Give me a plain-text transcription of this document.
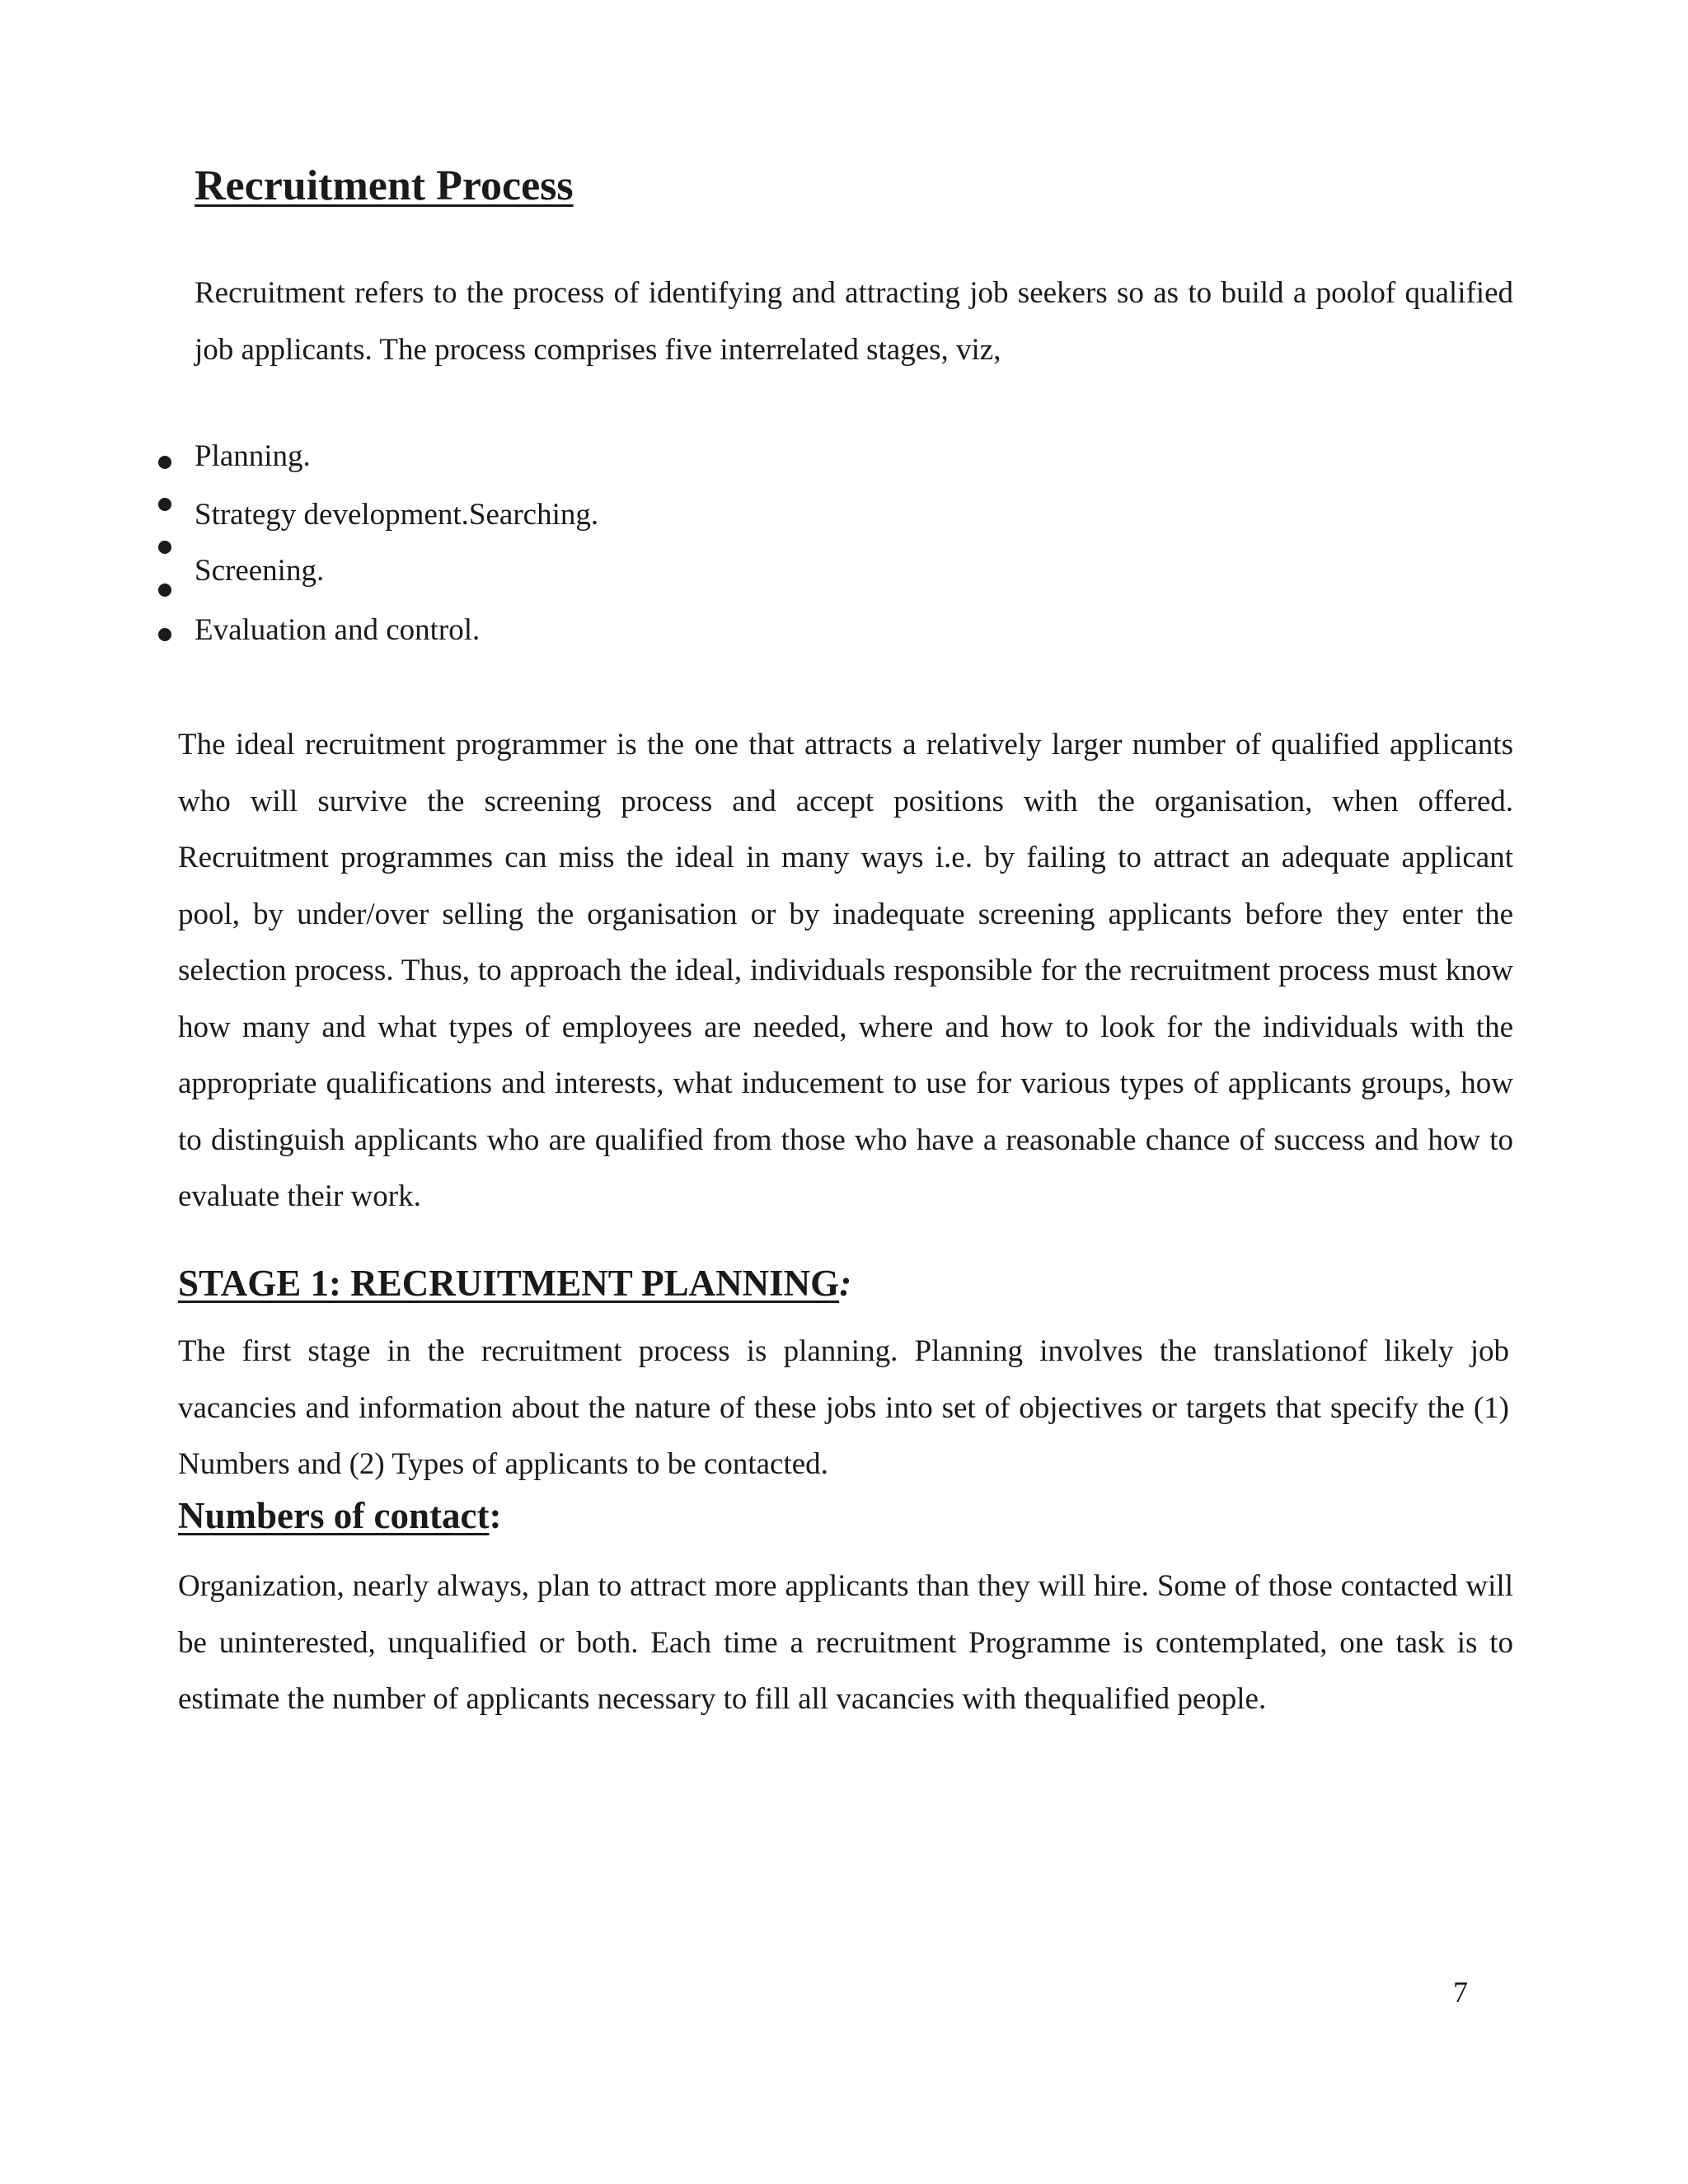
Recruitment Process

Recruitment refers to the process of identifying and attracting job seekers so as to build a poolof qualified job applicants. The process comprises five interrelated stages, viz,

Planning.
Strategy development.Searching.
Screening.
Evaluation and control.

The ideal recruitment programmer is the one that attracts a relatively larger number of qualified applicants who will survive the screening process and accept positions with the organisation, when offered. Recruitment programmes can miss the ideal in many ways i.e. by failing to attract an adequate applicant pool, by under/over selling the organisation or by inadequate screening applicants before they enter the selection process. Thus, to approach the ideal, individuals responsible for the recruitment process must know how many and what types of employees are needed, where and how to look for the individuals with the appropriate qualifications and interests, what inducement to use for various types of applicants groups, how to distinguish applicants who are qualified from those who have a reasonable chance of success and how to evaluate their work.

STAGE 1: RECRUITMENT PLANNING:

The first stage in the recruitment process is planning. Planning involves the translationof likely job vacancies and information about the nature of these jobs into set of objectives or targets that specify the (1) Numbers and (2) Types of applicants to be contacted.

Numbers of contact:

Organization, nearly always, plan to attract more applicants than they will hire. Some of those contacted will be uninterested, unqualified or both. Each time a recruitment Programme is contemplated, one task is to estimate the number of applicants necessary to fill all vacancies with thequalified people.

7
